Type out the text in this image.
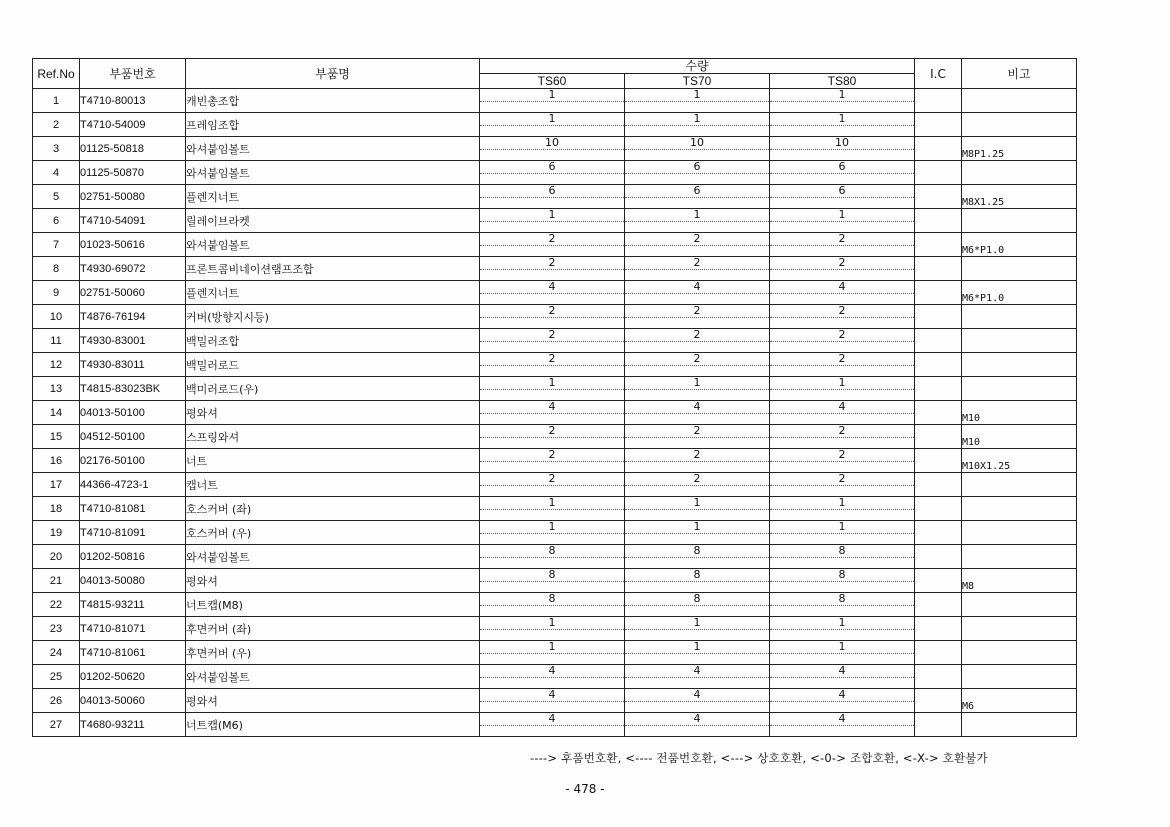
Ref.No	부품번호	부품명	수량			I.C	비고
			TS60	TS70	TS80		

1	T4710-80013	캐빈총조합	1	1	1		
2	T4710-54009	프레임조합	1	1	1		
3	01125-50818	와셔붙임볼트	10	10	10		M8P1.25
4	01125-50870	와셔붙임볼트	6	6	6		
5	02751-50080	플렌지너트	6	6	6		M8X1.25
6	T4710-54091	릴레이브라켓	1	1	1		
7	01023-50616	와셔붙임볼트	2	2	2		M6*P1.0
8	T4930-69072	프론트콤비네이션램프조합	2	2	2		
9	02751-50060	플렌지너트	4	4	4		M6*P1.0
10	T4876-76194	커버(방향지시등)	2	2	2		
11	T4930-83001	백밀러조합	2	2	2		
12	T4930-83011	백밀러로드	2	2	2		
13	T4815-83023BK	백미러로드(우)	1	1	1		
14	04013-50100	평와셔	4	4	4		M10
15	04512-50100	스프링와셔	2	2	2		M10
16	02176-50100	너트	2	2	2		M10X1.25
17	44366-4723-1	캡너트	2	2	2		
18	T4710-81081	호스커버 (좌)	1	1	1		
19	T4710-81091	호스커버 (우)	1	1	1		
20	01202-50816	와셔붙임볼트	8	8	8		
21	04013-50080	평와셔	8	8	8		M8
22	T4815-93211	너트캡(M8)	8	8	8		
23	T4710-81071	후면커버 (좌)	1	1	1		
24	T4710-81061	후면커버 (우)	1	1	1		
25	01202-50620	와셔붙임볼트	4	4	4		
26	04013-50060	평와셔	4	4	4		M6
27	T4680-93211	너트캡(M6)	4	4	4		
----> 후품번호환, <---- 전품번호환, <---> 상호호환, <-0-> 조합호환, <-X-> 호환불가
- 478 -
